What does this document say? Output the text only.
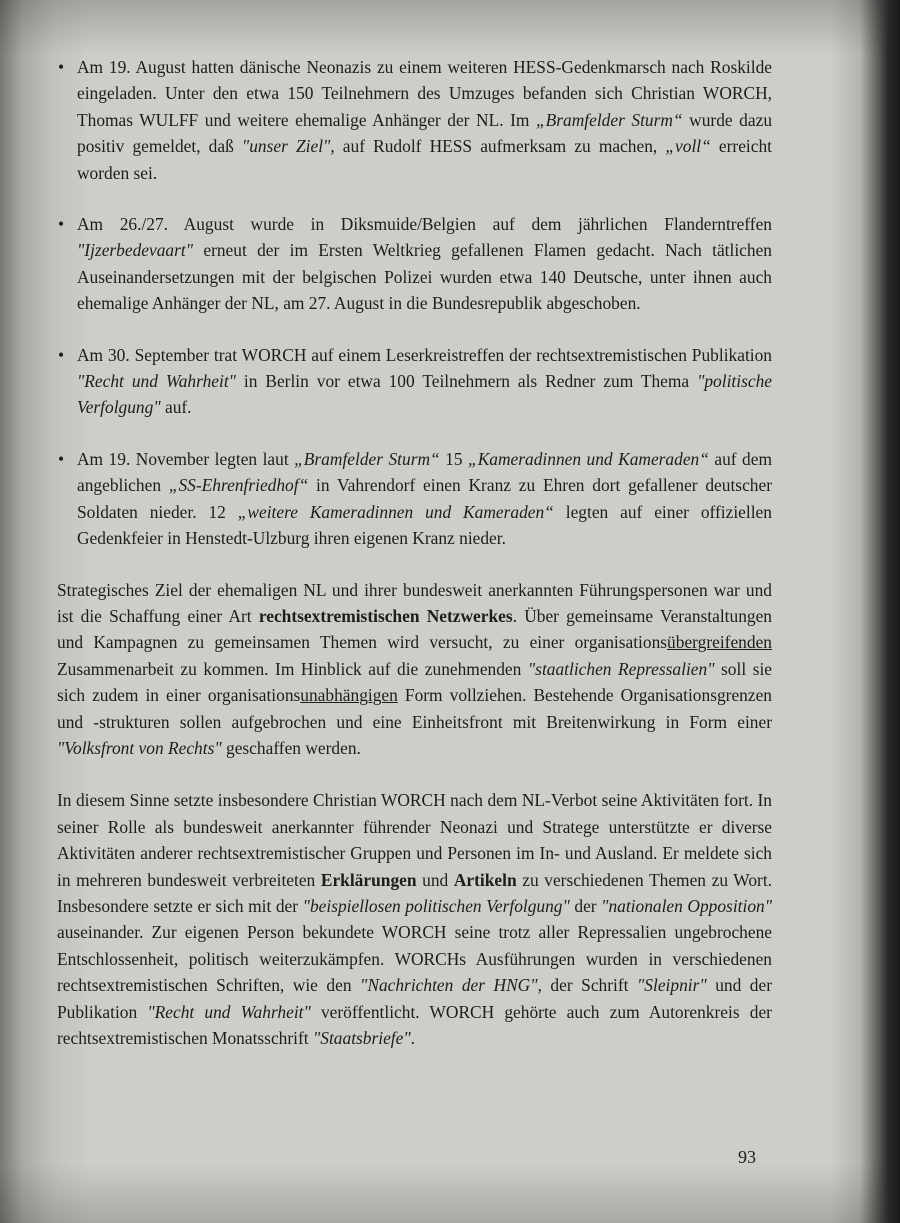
• Am 19. August hatten dänische Neonazis zu einem weiteren HESS-Gedenkmarsch nach Roskilde eingeladen. Unter den etwa 150 Teilnehmern des Umzuges befanden sich Christian WORCH, Thomas WULFF und weitere ehemalige Anhänger der NL. Im „Bramfelder Sturm“ wurde dazu positiv gemeldet, daß "unser Ziel", auf Rudolf HESS aufmerksam zu machen, „voll“ erreicht worden sei.
• Am 26./27. August wurde in Diksmuide/Belgien auf dem jährlichen Flanderntreffen "Ijzerbedevaart" erneut der im Ersten Weltkrieg gefallenen Flamen gedacht. Nach tätlichen Auseinandersetzungen mit der belgischen Polizei wurden etwa 140 Deutsche, unter ihnen auch ehemalige Anhänger der NL, am 27. August in die Bundesrepublik abgeschoben.
• Am 30. September trat WORCH auf einem Leserkreistreffen der rechtsextremistischen Publikation "Recht und Wahrheit" in Berlin vor etwa 100 Teilnehmern als Redner zum Thema "politische Verfolgung" auf.
• Am 19. November legten laut „Bramfelder Sturm“ 15 „Kameradinnen und Kameraden“ auf dem angeblichen „SS-Ehrenfriedhof“ in Vahrendorf einen Kranz zu Ehren dort gefallener deutscher Soldaten nieder. 12 „weitere Kameradinnen und Kameraden“ legten auf einer offiziellen Gedenkfeier in Henstedt-Ulzburg ihren eigenen Kranz nieder.

Strategisches Ziel der ehemaligen NL und ihrer bundesweit anerkannten Führungspersonen war und ist die Schaffung einer Art rechtsextremistischen Netzwerkes. Über gemeinsame Veranstaltungen und Kampagnen zu gemeinsamen Themen wird versucht, zu einer organisationsübergreifenden Zusammenarbeit zu kommen. Im Hinblick auf die zunehmenden "staatlichen Repressalien" soll sie sich zudem in einer organisationsunabhängigen Form vollziehen. Bestehende Organisationsgrenzen und -strukturen sollen aufgebrochen und eine Einheitsfront mit Breitenwirkung in Form einer "Volksfront von Rechts" geschaffen werden.

In diesem Sinne setzte insbesondere Christian WORCH nach dem NL-Verbot seine Aktivitäten fort. In seiner Rolle als bundesweit anerkannter führender Neonazi und Stratege unterstützte er diverse Aktivitäten anderer rechtsextremistischer Gruppen und Personen im In- und Ausland. Er meldete sich in mehreren bundesweit verbreiteten Erklärungen und Artikeln zu verschiedenen Themen zu Wort. Insbesondere setzte er sich mit der "beispiellosen politischen Verfolgung" der "nationalen Opposition" auseinander. Zur eigenen Person bekundete WORCH seine trotz aller Repressalien ungebrochene Entschlossenheit, politisch weiterzukämpfen. WORCHs Ausführungen wurden in verschiedenen rechtsextremistischen Schriften, wie den "Nachrichten der HNG", der Schrift "Sleipnir" und der Publikation "Recht und Wahrheit" veröffentlicht. WORCH gehörte auch zum Autorenkreis der rechtsextremistischen Monatsschrift "Staatsbriefe".

93
